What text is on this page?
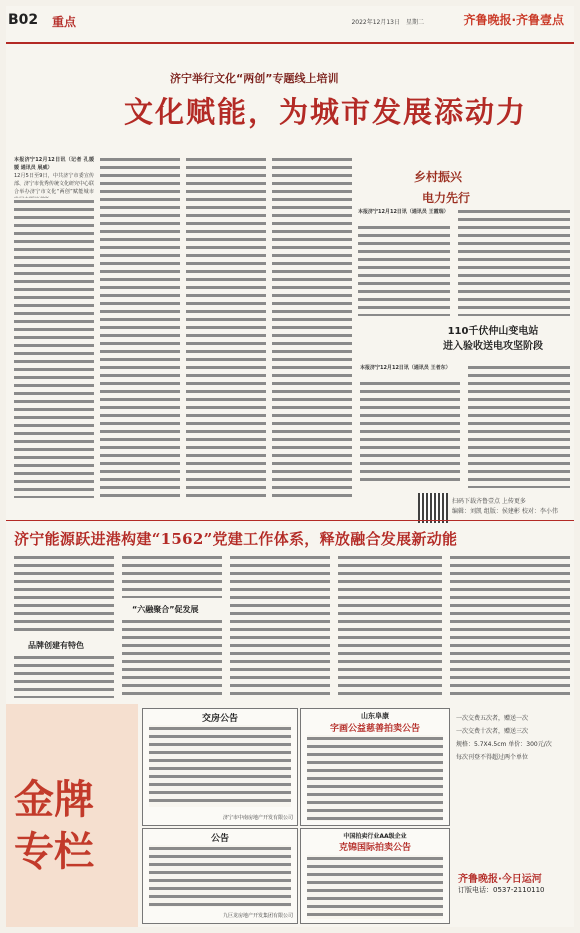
B02 重点	2022年12月13日　星期二	齐鲁晚报·齐鲁壹点
济宁举行文化“两创”专题线上培训
文化赋能，为城市发展添动力
本报济宁12月12日讯（记者 孔媛媛 通讯员 展威）
12月5日至9日，中共济宁市委宣传部、济宁市优秀传统文化研究中心联合举办济宁市文化“两创”赋能城市
乡村振兴
电力先行
本报济宁12月12日讯（通讯员 王霞瑞）
110千伏仲山变电站
进入验收送电攻坚阶段
本报济宁12月12日讯（通讯员 王者东）
扫码下载齐鲁壹点 上传更多
编辑：刘凯 组版：侯建彬 校对：李小伟
济宁能源跃进港构建“1562”党建工作体系，释放融合发展新动能
品牌创建有特色
“六融聚合”促发展
金牌专栏
交房公告
济宁市中南房地产开发有限公司
山东阜康
字画公益慈善拍卖公告
公告
九巨龙房地产开发集团有限公司
中国拍卖行业AA级企业
克锦国际拍卖公告
一次交费五次者，赠送一次
一次交费十次者，赠送三次
规格：5.7X4.5cm 单价：300元/次
每次刊登不得超过两个单位
齐鲁晚报·今日运河
订版电话：0537-2110110
